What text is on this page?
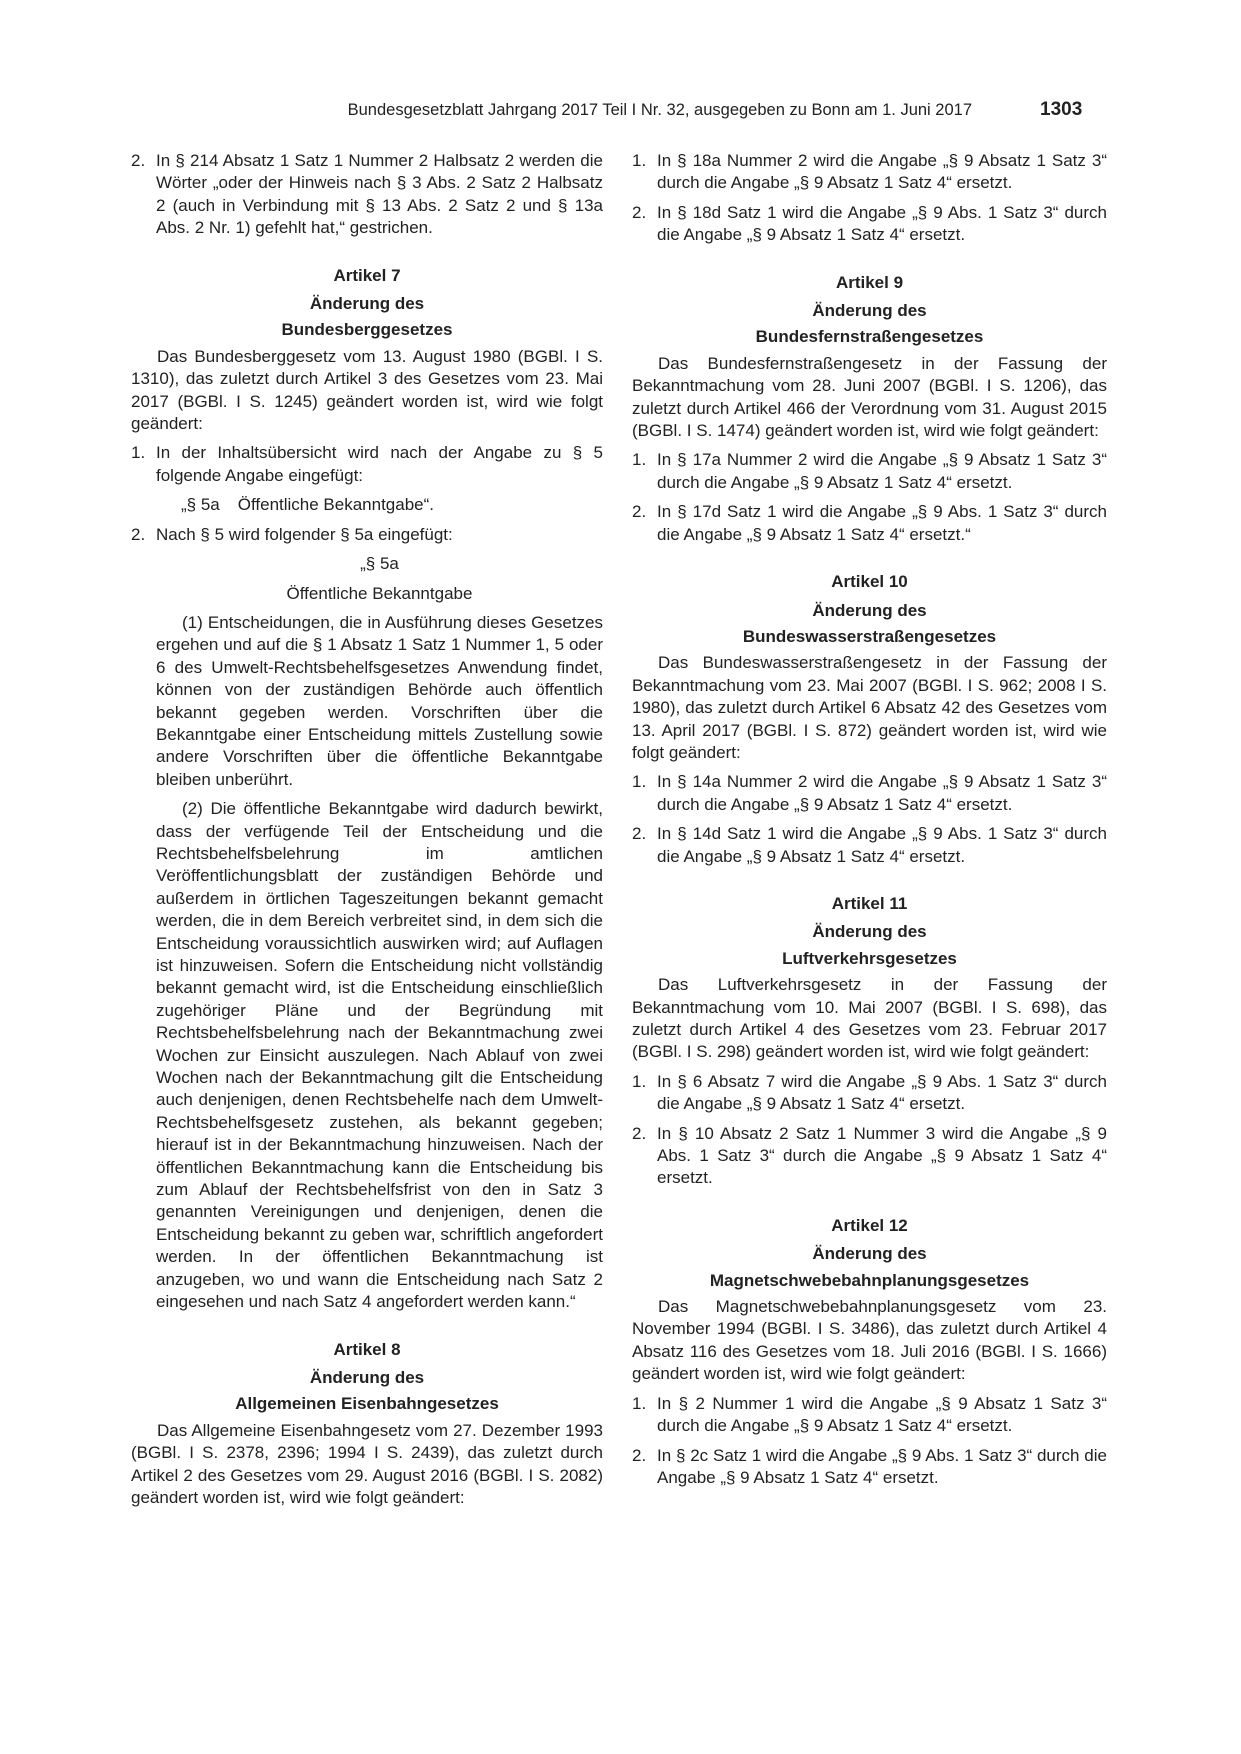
Bundesgesetzblatt Jahrgang 2017 Teil I Nr. 32, ausgegeben zu Bonn am 1. Juni 2017	1303
2. In § 214 Absatz 1 Satz 1 Nummer 2 Halbsatz 2 werden die Wörter „oder der Hinweis nach § 3 Abs. 2 Satz 2 Halbsatz 2 (auch in Verbindung mit § 13 Abs. 2 Satz 2 und § 13a Abs. 2 Nr. 1) gefehlt hat,“ gestrichen.
Artikel 7
Änderung des
Bundesberggesetzes

Das Bundesberggesetz vom 13. August 1980 (BGBl. I S. 1310), das zuletzt durch Artikel 3 des Gesetzes vom 23. Mai 2017 (BGBl. I S. 1245) geändert worden ist, wird wie folgt geändert:

1. In der Inhaltsübersicht wird nach der Angabe zu § 5 folgende Angabe eingefügt:
„§ 5a Öffentliche Bekanntgabe“.
2. Nach § 5 wird folgender § 5a eingefügt:
„§ 5a
Öffentliche Bekanntgabe

(1) Entscheidungen, die in Ausführung dieses Gesetzes ergehen und auf die § 1 Absatz 1 Satz 1 Nummer 1, 5 oder 6 des Umwelt-Rechtsbehelfsgesetzes Anwendung findet, können von der zuständigen Behörde auch öffentlich bekannt gegeben werden. Vorschriften über die Bekanntgabe einer Entscheidung mittels Zustellung sowie andere Vorschriften über die öffentliche Bekanntgabe bleiben unberührt.

(2) Die öffentliche Bekanntgabe wird dadurch bewirkt, dass der verfügende Teil der Entscheidung und die Rechtsbehelfsbelehrung im amtlichen Veröffentlichungsblatt der zuständigen Behörde und außerdem in örtlichen Tageszeitungen bekannt gemacht werden, die in dem Bereich verbreitet sind, in dem sich die Entscheidung voraussichtlich auswirken wird; auf Auflagen ist hinzuweisen. Sofern die Entscheidung nicht vollständig bekannt gemacht wird, ist die Entscheidung einschließlich zugehöriger Pläne und der Begründung mit Rechtsbehelfsbelehrung nach der Bekanntmachung zwei Wochen zur Einsicht auszulegen. Nach Ablauf von zwei Wochen nach der Bekanntmachung gilt die Entscheidung auch denjenigen, denen Rechtsbehelfe nach dem Umwelt-Rechtsbehelfsgesetz zustehen, als bekannt gegeben; hierauf ist in der Bekanntmachung hinzuweisen. Nach der öffentlichen Bekanntmachung kann die Entscheidung bis zum Ablauf der Rechtsbehelfsfrist von den in Satz 3 genannten Vereinigungen und denjenigen, denen die Entscheidung bekannt zu geben war, schriftlich angefordert werden. In der öffentlichen Bekanntmachung ist anzugeben, wo und wann die Entscheidung nach Satz 2 eingesehen und nach Satz 4 angefordert werden kann.“

Artikel 8
Änderung des
Allgemeinen Eisenbahngesetzes

Das Allgemeine Eisenbahngesetz vom 27. Dezember 1993 (BGBl. I S. 2378, 2396; 1994 I S. 2439), das zuletzt durch Artikel 2 des Gesetzes vom 29. August 2016 (BGBl. I S. 2082) geändert worden ist, wird wie folgt geändert:

1. In § 18a Nummer 2 wird die Angabe „§ 9 Absatz 1 Satz 3“ durch die Angabe „§ 9 Absatz 1 Satz 4“ ersetzt.
2. In § 18d Satz 1 wird die Angabe „§ 9 Abs. 1 Satz 3“ durch die Angabe „§ 9 Absatz 1 Satz 4“ ersetzt.
Artikel 9
Änderung des
Bundesfernstraßengesetzes

Das Bundesfernstraßengesetz in der Fassung der Bekanntmachung vom 28. Juni 2007 (BGBl. I S. 1206), das zuletzt durch Artikel 466 der Verordnung vom 31. August 2015 (BGBl. I S. 1474) geändert worden ist, wird wie folgt geändert:

1. In § 17a Nummer 2 wird die Angabe „§ 9 Absatz 1 Satz 3“ durch die Angabe „§ 9 Absatz 1 Satz 4“ ersetzt.
2. In § 17d Satz 1 wird die Angabe „§ 9 Abs. 1 Satz 3“ durch die Angabe „§ 9 Absatz 1 Satz 4“ ersetzt.“
Artikel 10
Änderung des
Bundeswasserstraßengesetzes

Das Bundeswasserstraßengesetz in der Fassung der Bekanntmachung vom 23. Mai 2007 (BGBl. I S. 962; 2008 I S. 1980), das zuletzt durch Artikel 6 Absatz 42 des Gesetzes vom 13. April 2017 (BGBl. I S. 872) geändert worden ist, wird wie folgt geändert:

1. In § 14a Nummer 2 wird die Angabe „§ 9 Absatz 1 Satz 3“ durch die Angabe „§ 9 Absatz 1 Satz 4“ ersetzt.
2. In § 14d Satz 1 wird die Angabe „§ 9 Abs. 1 Satz 3“ durch die Angabe „§ 9 Absatz 1 Satz 4“ ersetzt.
Artikel 11
Änderung des
Luftverkehrsgesetzes

Das Luftverkehrsgesetz in der Fassung der Bekanntmachung vom 10. Mai 2007 (BGBl. I S. 698), das zuletzt durch Artikel 4 des Gesetzes vom 23. Februar 2017 (BGBl. I S. 298) geändert worden ist, wird wie folgt geändert:

1. In § 6 Absatz 7 wird die Angabe „§ 9 Abs. 1 Satz 3“ durch die Angabe „§ 9 Absatz 1 Satz 4“ ersetzt.
2. In § 10 Absatz 2 Satz 1 Nummer 3 wird die Angabe „§ 9 Abs. 1 Satz 3“ durch die Angabe „§ 9 Absatz 1 Satz 4“ ersetzt.
Artikel 12
Änderung des
Magnetschwebebahnplanungsgesetzes

Das Magnetschwebebahnplanungsgesetz vom 23. November 1994 (BGBl. I S. 3486), das zuletzt durch Artikel 4 Absatz 116 des Gesetzes vom 18. Juli 2016 (BGBl. I S. 1666) geändert worden ist, wird wie folgt geändert:

1. In § 2 Nummer 1 wird die Angabe „§ 9 Absatz 1 Satz 3“ durch die Angabe „§ 9 Absatz 1 Satz 4“ ersetzt.
2. In § 2c Satz 1 wird die Angabe „§ 9 Abs. 1 Satz 3“ durch die Angabe „§ 9 Absatz 1 Satz 4“ ersetzt.
